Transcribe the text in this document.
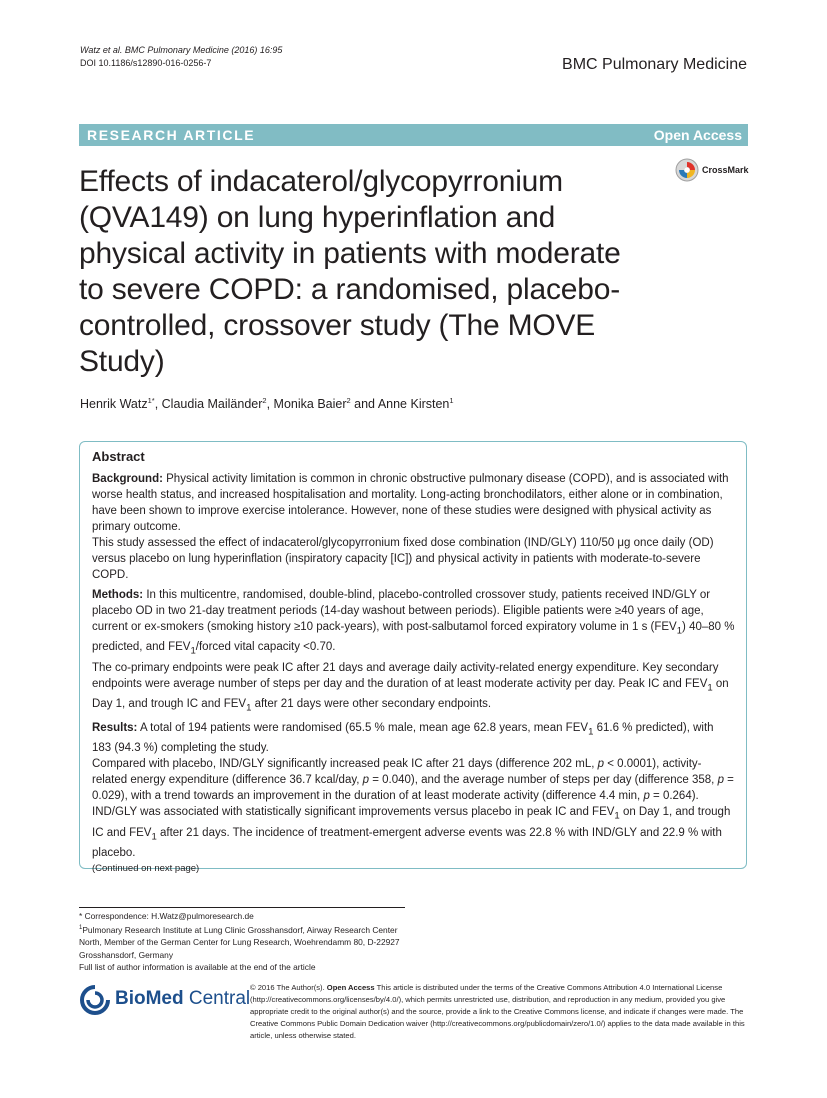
Watz et al. BMC Pulmonary Medicine (2016) 16:95
DOI 10.1186/s12890-016-0256-7	BMC Pulmonary Medicine
RESEARCH ARTICLE	Open Access
CrossMark
Effects of indacaterol/glycopyrronium (QVA149) on lung hyperinflation and physical activity in patients with moderate to severe COPD: a randomised, placebo-controlled, crossover study (The MOVE Study)
Henrik Watz$^{1*}$, Claudia Mailänder$^2$, Monika Baier$^2$ and Anne Kirsten$^1$
Abstract

Background: Physical activity limitation is common in chronic obstructive pulmonary disease (COPD), and is associated with worse health status, and increased hospitalisation and mortality. Long-acting bronchodilators, either alone or in combination, have been shown to improve exercise intolerance. However, none of these studies were designed with physical activity as primary outcome.

This study assessed the effect of indacaterol/glycopyrronium fixed dose combination (IND/GLY) 110/50 μg once daily (OD) versus placebo on lung hyperinflation (inspiratory capacity [IC]) and physical activity in patients with moderate-to-severe COPD.

Methods: In this multicentre, randomised, double-blind, placebo-controlled crossover study, patients received IND/GLY or placebo OD in two 21-day treatment periods (14-day washout between periods). Eligible patients were ≥40 years of age, current or ex-smokers (smoking history ≥10 pack-years), with post-salbutamol forced expiratory volume in 1 s $(FEV_1)$ 40–80 % predicted, and $FEV_1$/forced vital capacity <0.70.

The co-primary endpoints were peak IC after 21 days and average daily activity-related energy expenditure. Key secondary endpoints were average number of steps per day and the duration of at least moderate activity per day. Peak IC and $FEV_1$ on Day 1, and trough IC and $FEV_1$ after 21 days were other secondary endpoints.

Results: A total of 194 patients were randomised (65.5 % male, mean age 62.8 years, mean $FEV_1$ 61.6 % predicted), with 183 (94.3 %) completing the study.

Compared with placebo, IND/GLY significantly increased peak IC after 21 days (difference 202 mL, p < 0.0001), activity-related energy expenditure (difference 36.7 kcal/day, p = 0.040), and the average number of steps per day (difference 358, p = 0.029), with a trend towards an improvement in the duration of at least moderate activity (difference 4.4 min, p = 0.264). IND/GLY was associated with statistically significant improvements versus placebo in peak IC and $FEV_1$ on Day 1, and trough IC and $FEV_1$ after 21 days. The incidence of treatment-emergent adverse events was 22.8 % with IND/GLY and 22.9 % with placebo.

(Continued on next page)

* Correspondence: H.Watz@pulmoresearch.de

$^1$Pulmonary Research Institute at Lung Clinic Grosshansdorf, Airway Research Center North, Member of the German Center for Lung Research, Woehrendamm 80, D-22927 Grosshansdorf, Germany

Full list of author information is available at the end of the article

BioMed Central
© 2016 The Author(s). Open Access This article is distributed under the terms of the Creative Commons Attribution 4.0 International License (http://creativecommons.org/licenses/by/4.0/), which permits unrestricted use, distribution, and reproduction in any medium, provided you give appropriate credit to the original author(s) and the source, provide a link to the Creative Commons license, and indicate if changes were made. The Creative Commons Public Domain Dedication waiver (http://creativecommons.org/publicdomain/zero/1.0/) applies to the data made available in this article, unless otherwise stated.
